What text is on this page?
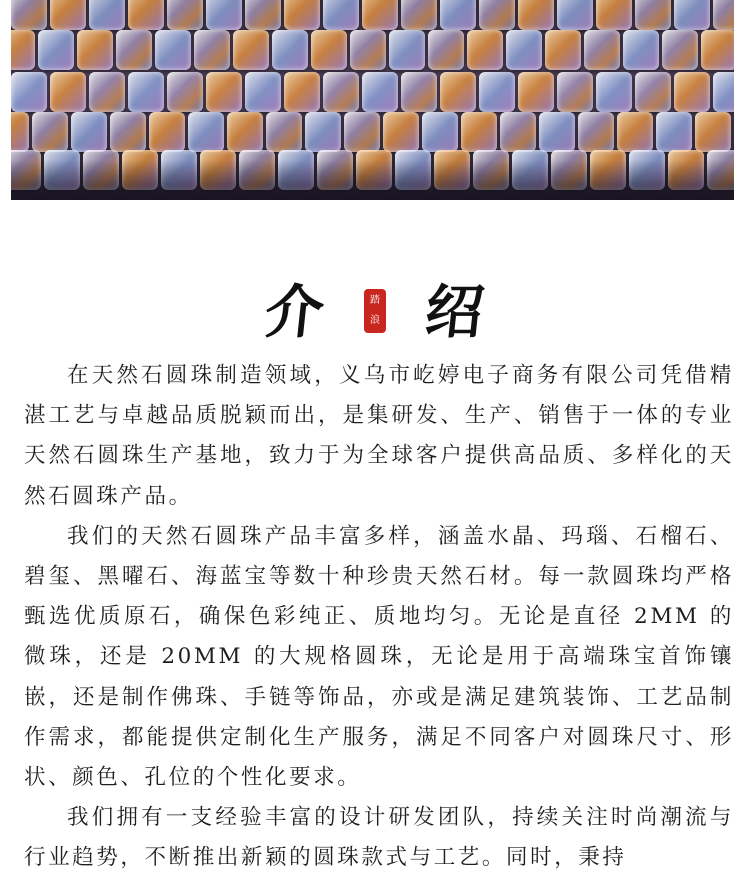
介	踏
浪 绍

在天然石圆珠制造领域，义乌市屹婷电子商务有限公司凭借精湛工艺与卓越品质脱颖而出，是集研发、生产、销售于一体的专业天然石圆珠生产基地，致力于为全球客户提供高品质、多样化的天然石圆珠产品。

我们的天然石圆珠产品丰富多样，涵盖水晶、玛瑙、石榴石、碧玺、黑曜石、海蓝宝等数十种珍贵天然石材。每一款圆珠均严格甄选优质原石，确保色彩纯正、质地均匀。无论是直径 2MM 的微珠，还是 20MM 的大规格圆珠，无论是用于高端珠宝首饰镶嵌，还是制作佛珠、手链等饰品，亦或是满足建筑装饰、工艺品制作需求，都能提供定制化生产服务，满足不同客户对圆珠尺寸、形状、颜色、孔位的个性化要求。

我们拥有一支经验丰富的设计研发团队，持续关注时尚潮流与行业趋势，不断推出新颖的圆珠款式与工艺。同时，秉持
